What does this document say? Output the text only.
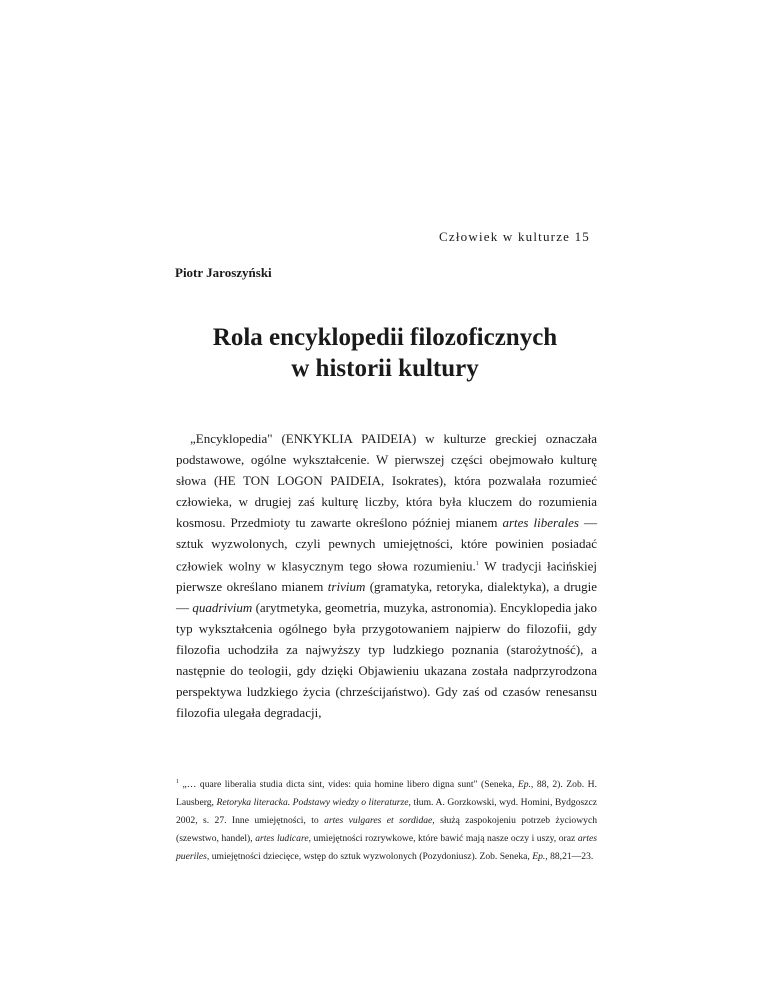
Człowiek w kulturze 15
Piotr Jaroszyński
Rola encyklopedii filozoficznych
w historii kultury

„Encyklopedia" (ENKYKLIA PAIDEIA) w kulturze greckiej oznaczała podstawowe, ogólne wykształcenie. W pierwszej części obejmowało kulturę słowa (HE TON LOGON PAIDEIA, Isokrates), która pozwalała rozumieć człowieka, w drugiej zaś kulturę liczby, która była kluczem do rozumienia kosmosu. Przedmioty tu zawarte określono później mianem artes liberales — sztuk wyzwolonych, czyli pewnych umiejętności, które powinien posiadać człowiek wolny w klasycznym tego słowa rozumieniu.$^1$ W tradycji łacińskiej pierwsze określano mianem trivium (gramatyka, retoryka, dialektyka), a drugie — quadrivium (arytmetyka, geometria, muzyka, astronomia). Encyklopedia jako typ wykształcenia ogólnego była przygotowaniem najpierw do filozofii, gdy filozofia uchodziła za najwyższy typ ludzkiego poznania (starożytność), a następnie do teologii, gdy dzięki Objawieniu ukazana została nadprzyrodzona perspektywa ludzkiego życia (chrześcijaństwo). Gdy zaś od czasów renesansu filozofia ulegała degradacji,

$^1$ „… quare liberalia studia dicta sint, vides: quia homine libero digna sunt" (Seneka, Ep., 88, 2). Zob. H. Lausberg, Retoryka literacka. Podstawy wiedzy o literaturze, tłum. A. Gorzkowski, wyd. Homini, Bydgoszcz 2002, s. 27. Inne umiejętności, to artes vulgares et sordidae, służą zaspokojeniu potrzeb życiowych (szewstwo, handel), artes ludicare, umiejętności rozrywkowe, które bawić mają nasze oczy i uszy, oraz artes pueriles, umiejętności dziecięce, wstęp do sztuk wyzwolonych (Pozydoniusz). Zob. Seneka, Ep., 88,21—23.
